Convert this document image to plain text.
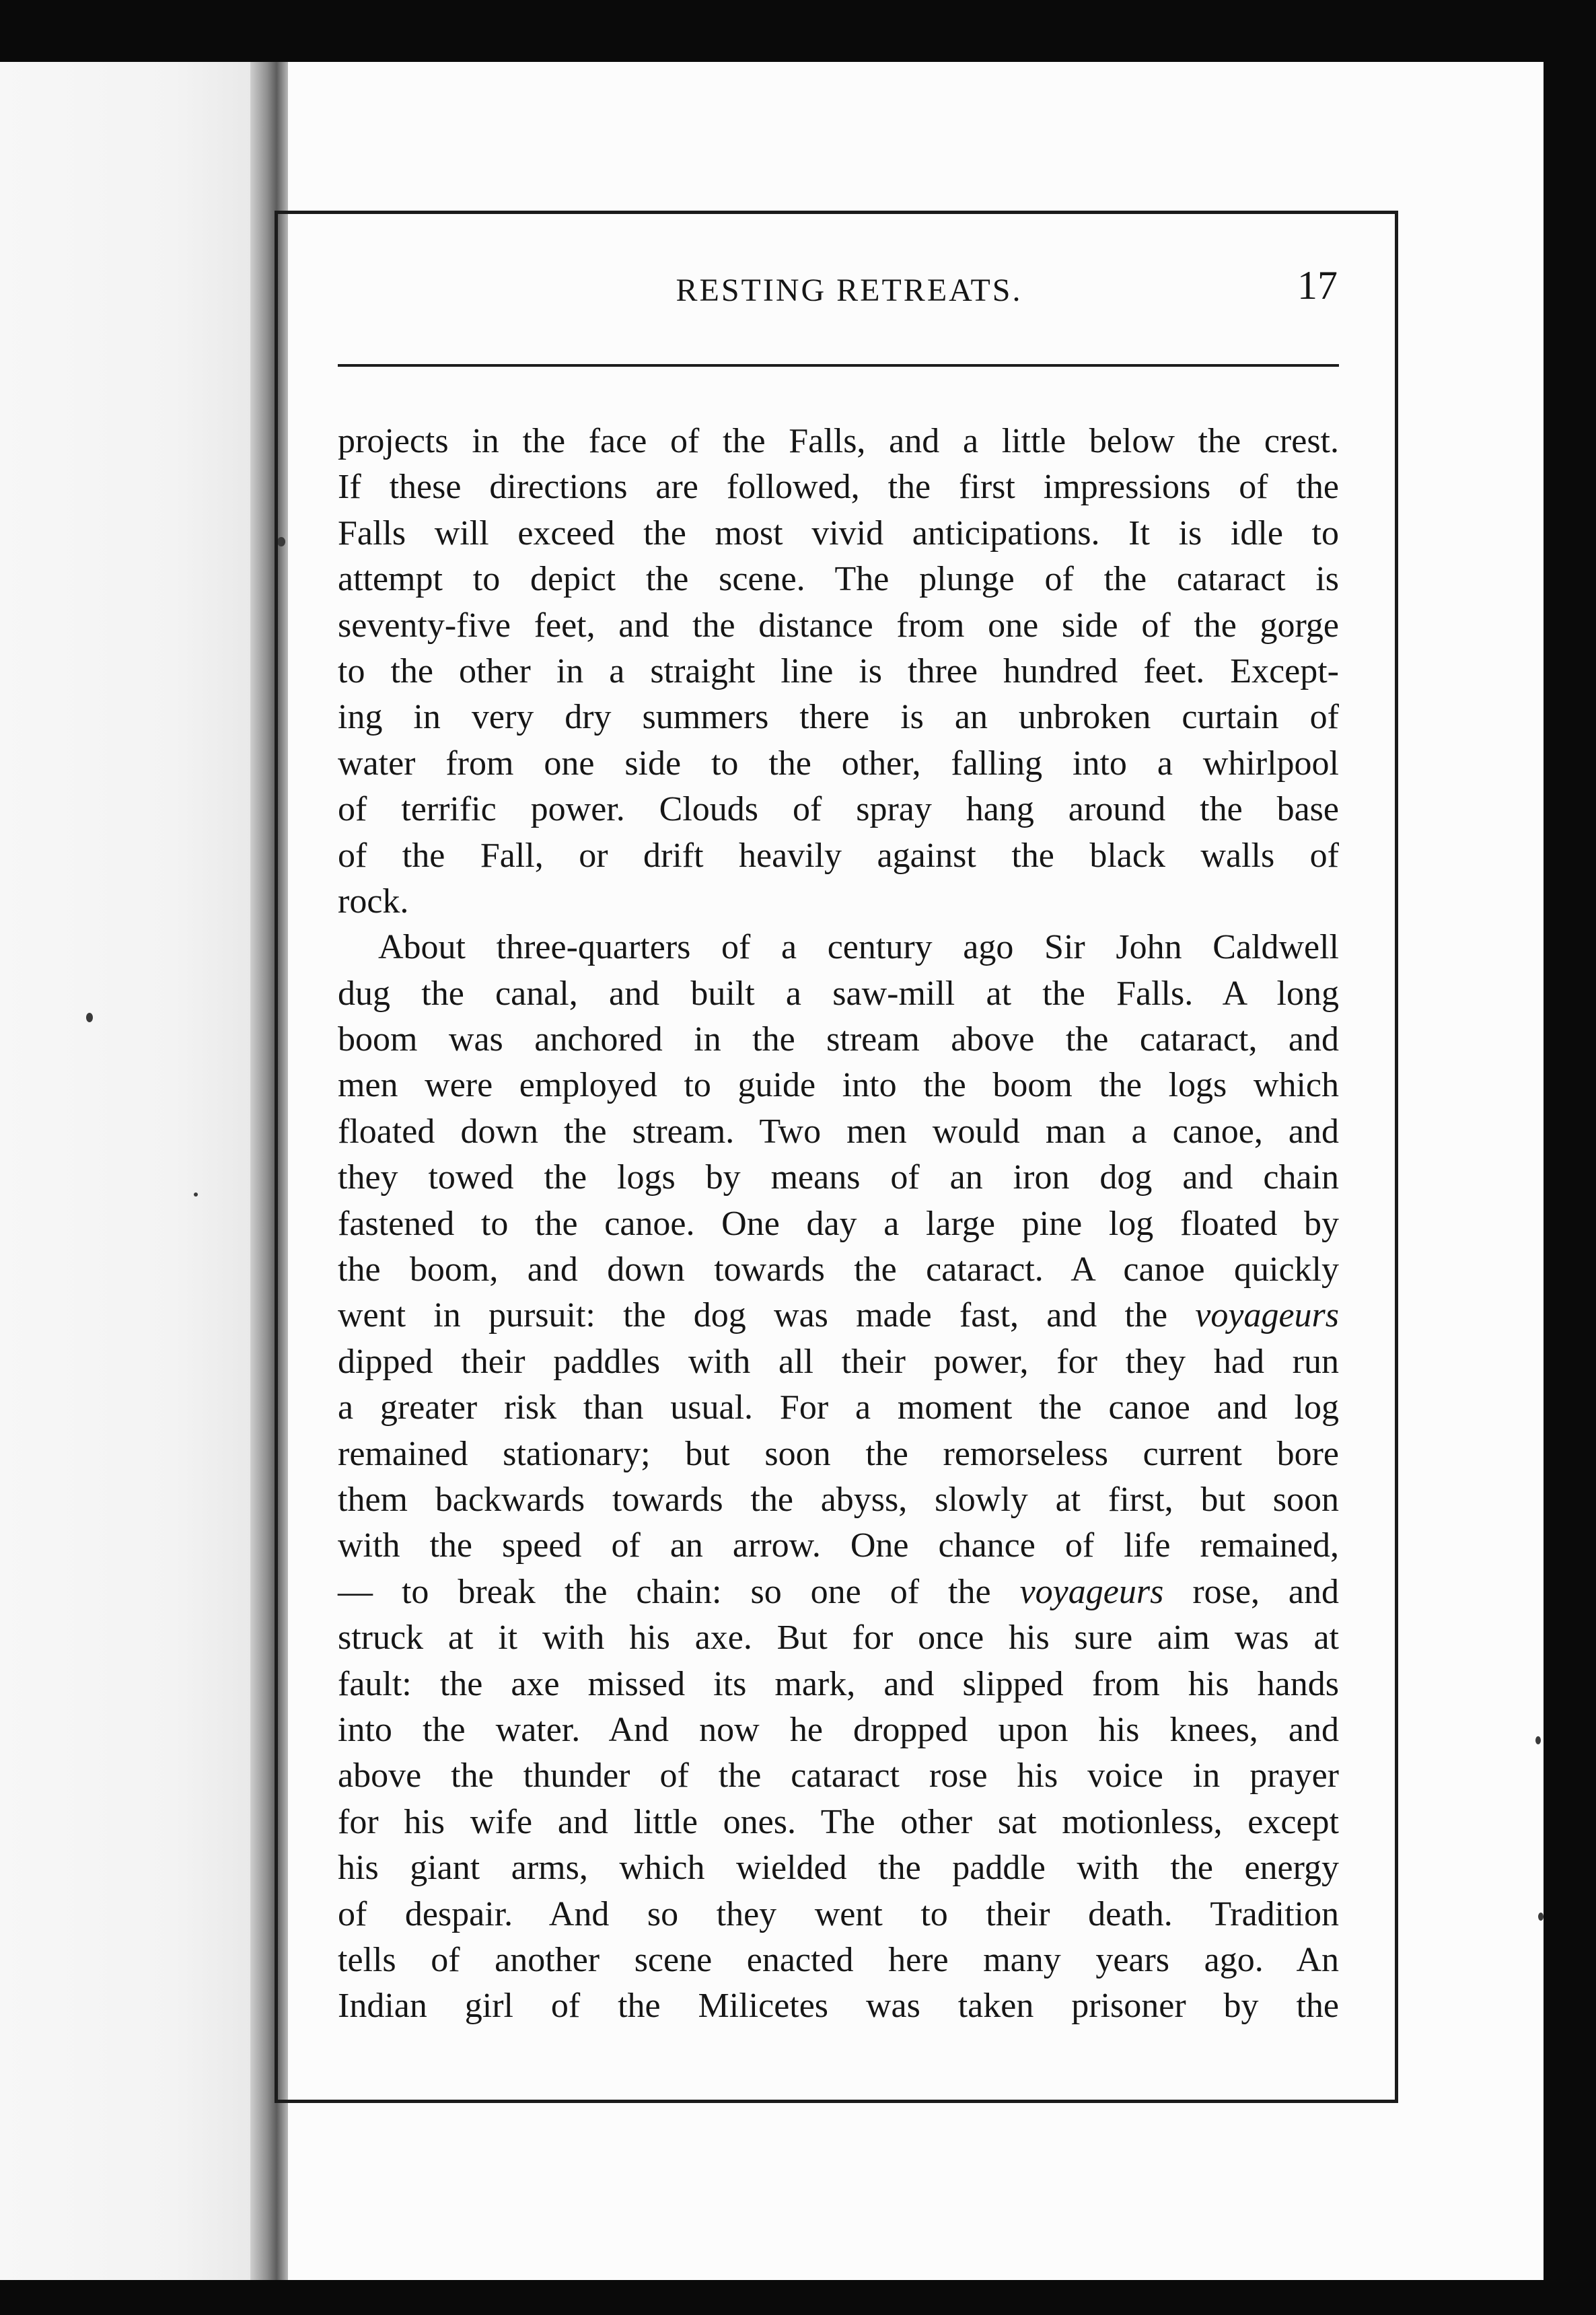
RESTING RETREATS.	17
projects in the face of the Falls, and a little below the crest.
If these directions are followed, the first impressions of the
Falls will exceed the most vivid anticipations. It is idle to
attempt to depict the scene. The plunge of the cataract is
seventy-five feet, and the distance from one side of the gorge
to the other in a straight line is three hundred feet. Except-
ing in very dry summers there is an unbroken curtain of
water from one side to the other, falling into a whirlpool
of terrific power. Clouds of spray hang around the base
of the Fall, or drift heavily against the black walls of
rock.
About three-quarters of a century ago Sir John Caldwell
dug the canal, and built a saw-mill at the Falls. A long
boom was anchored in the stream above the cataract, and
men were employed to guide into the boom the logs which
floated down the stream. Two men would man a canoe, and
they towed the logs by means of an iron dog and chain
fastened to the canoe. One day a large pine log floated by
the boom, and down towards the cataract. A canoe quickly
went in pursuit: the dog was made fast, and the voyageurs
dipped their paddles with all their power, for they had run
a greater risk than usual. For a moment the canoe and log
remained stationary; but soon the remorseless current bore
them backwards towards the abyss, slowly at first, but soon
with the speed of an arrow. One chance of life remained,
— to break the chain: so one of the voyageurs rose, and
struck at it with his axe. But for once his sure aim was at
fault: the axe missed its mark, and slipped from his hands
into the water. And now he dropped upon his knees, and
above the thunder of the cataract rose his voice in prayer
for his wife and little ones. The other sat motionless, except
his giant arms, which wielded the paddle with the energy
of despair. And so they went to their death. Tradition
tells of another scene enacted here many years ago. An
Indian girl of the Milicetes was taken prisoner by the
